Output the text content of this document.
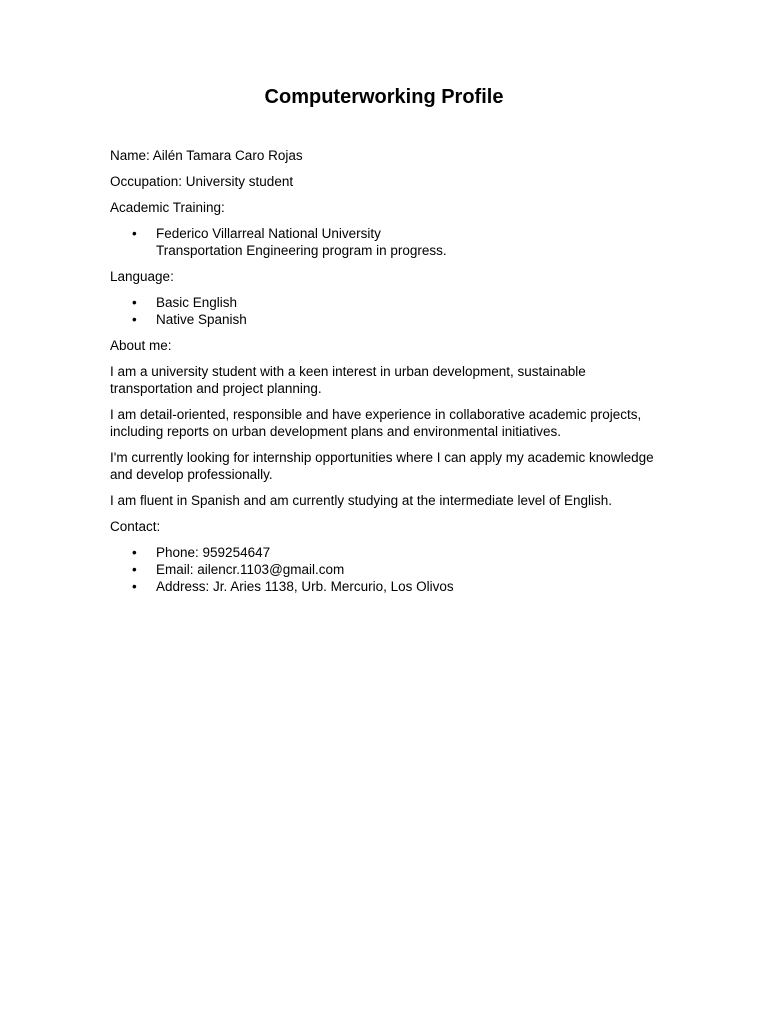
Computerworking Profile

Name: Ailén Tamara Caro Rojas

Occupation: University student

Academic Training:

• Federico Villarreal National University
Transportation Engineering program in progress.

Language:

• Basic English
• Native Spanish

About me:

I am a university student with a keen interest in urban development, sustainable transportation and project planning.

I am detail-oriented, responsible and have experience in collaborative academic projects, including reports on urban development plans and environmental initiatives.

I'm currently looking for internship opportunities where I can apply my academic knowledge and develop professionally.

I am fluent in Spanish and am currently studying at the intermediate level of English.

Contact:

• Phone: 959254647
• Email: ailencr.1103@gmail.com
• Address: Jr. Aries 1138, Urb. Mercurio, Los Olivos
